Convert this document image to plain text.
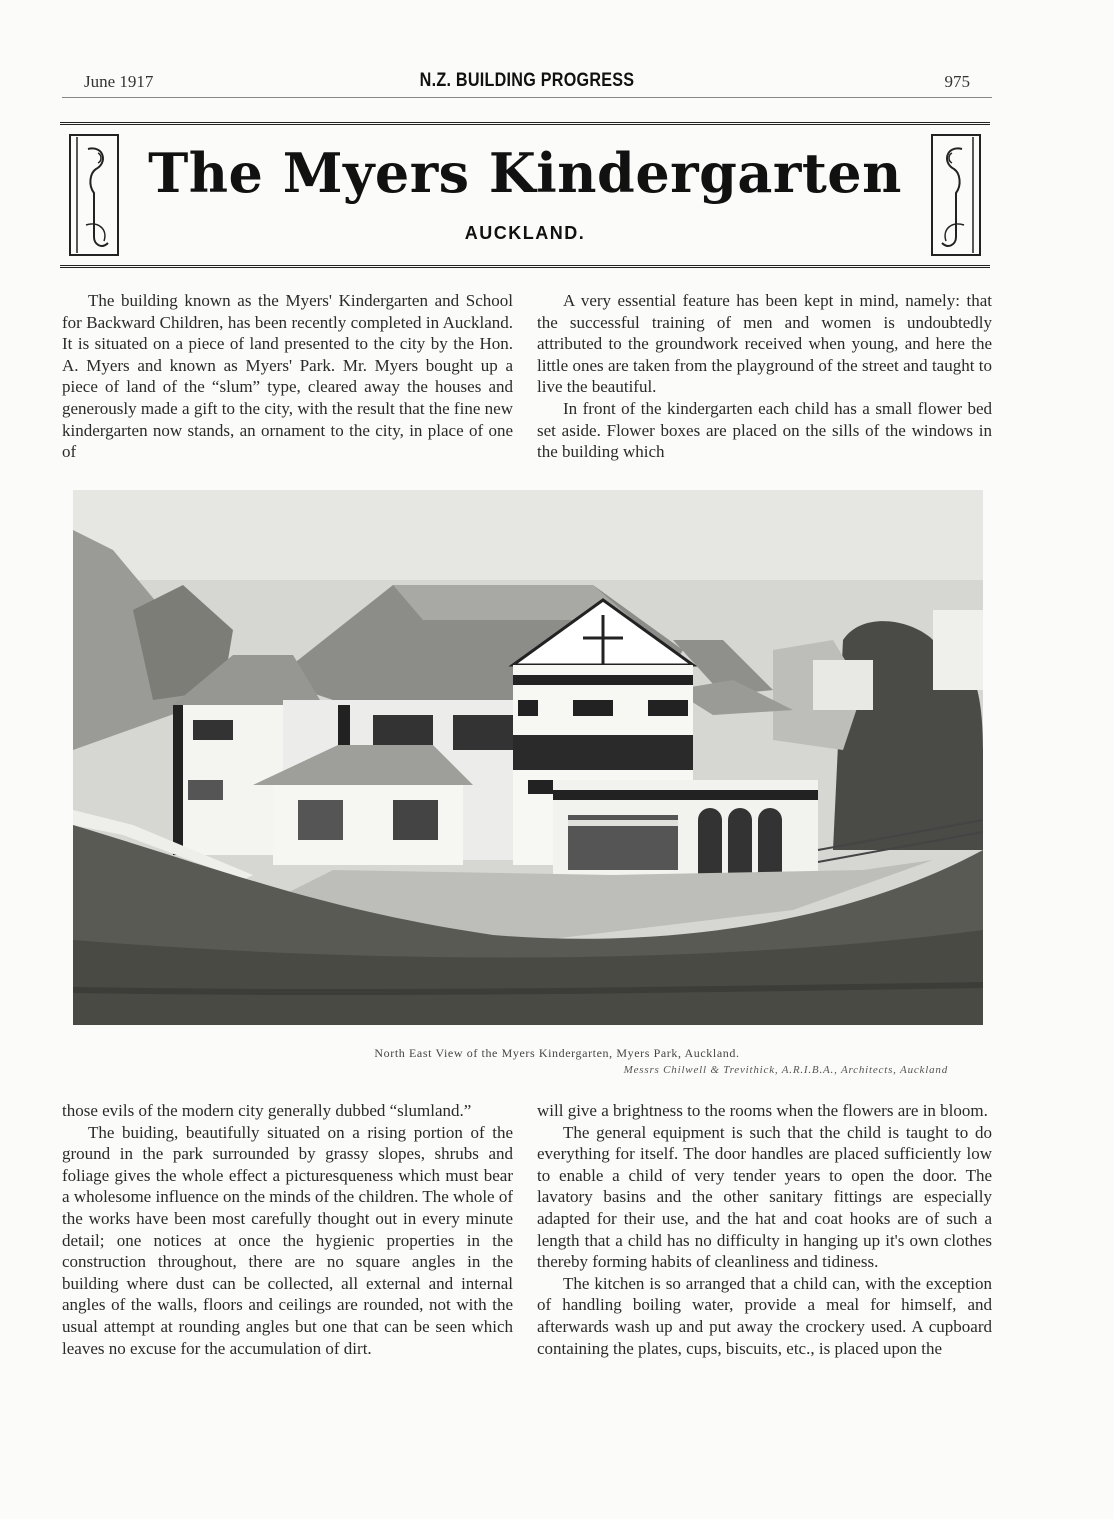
June 1917	N.Z. BUILDING PROGRESS	975
The Myers Kindergarten
AUCKLAND.

The building known as the Myers' Kindergarten and School for Backward Children, has been recently completed in Auckland. It is situated on a piece of land presented to the city by the Hon. A. Myers and known as Myers' Park. Mr. Myers bought up a piece of land of the “slum” type, cleared away the houses and generously made a gift to the city, with the result that the fine new kindergarten now stands, an ornament to the city, in place of one of

A very essential feature has been kept in mind, namely: that the successful training of men and women is undoubtedly attributed to the groundwork received when young, and here the little ones are taken from the playground of the street and taught to live the beautiful.

In front of the kindergarten each child has a small flower bed set aside. Flower boxes are placed on the sills of the windows in the building which

North East View of the Myers Kindergarten, Myers Park, Auckland.
Messrs Chilwell & Trevithick, A.R.I.B.A., Architects, Auckland

those evils of the modern city generally dubbed “slumland.”

The buiding, beautifully situated on a rising portion of the ground in the park surrounded by grassy slopes, shrubs and foliage gives the whole effect a picturesqueness which must bear a wholesome influence on the minds of the children. The whole of the works have been most carefully thought out in every minute detail; one notices at once the hygienic properties in the construction throughout, there are no square angles in the building where dust can be collected, all external and internal angles of the walls, floors and ceilings are rounded, not with the usual attempt at rounding angles but one that can be seen which leaves no excuse for the accumulation of dirt.

will give a brightness to the rooms when the flowers are in bloom.

The general equipment is such that the child is taught to do everything for itself. The door handles are placed sufficiently low to enable a child of very tender years to open the door. The lavatory basins and the other sanitary fittings are especially adapted for their use, and the hat and coat hooks are of such a length that a child has no difficulty in hanging up it's own clothes thereby forming habits of cleanliness and tidiness.

The kitchen is so arranged that a child can, with the exception of handling boiling water, provide a meal for himself, and afterwards wash up and put away the crockery used. A cupboard containing the plates, cups, biscuits, etc., is placed upon the
